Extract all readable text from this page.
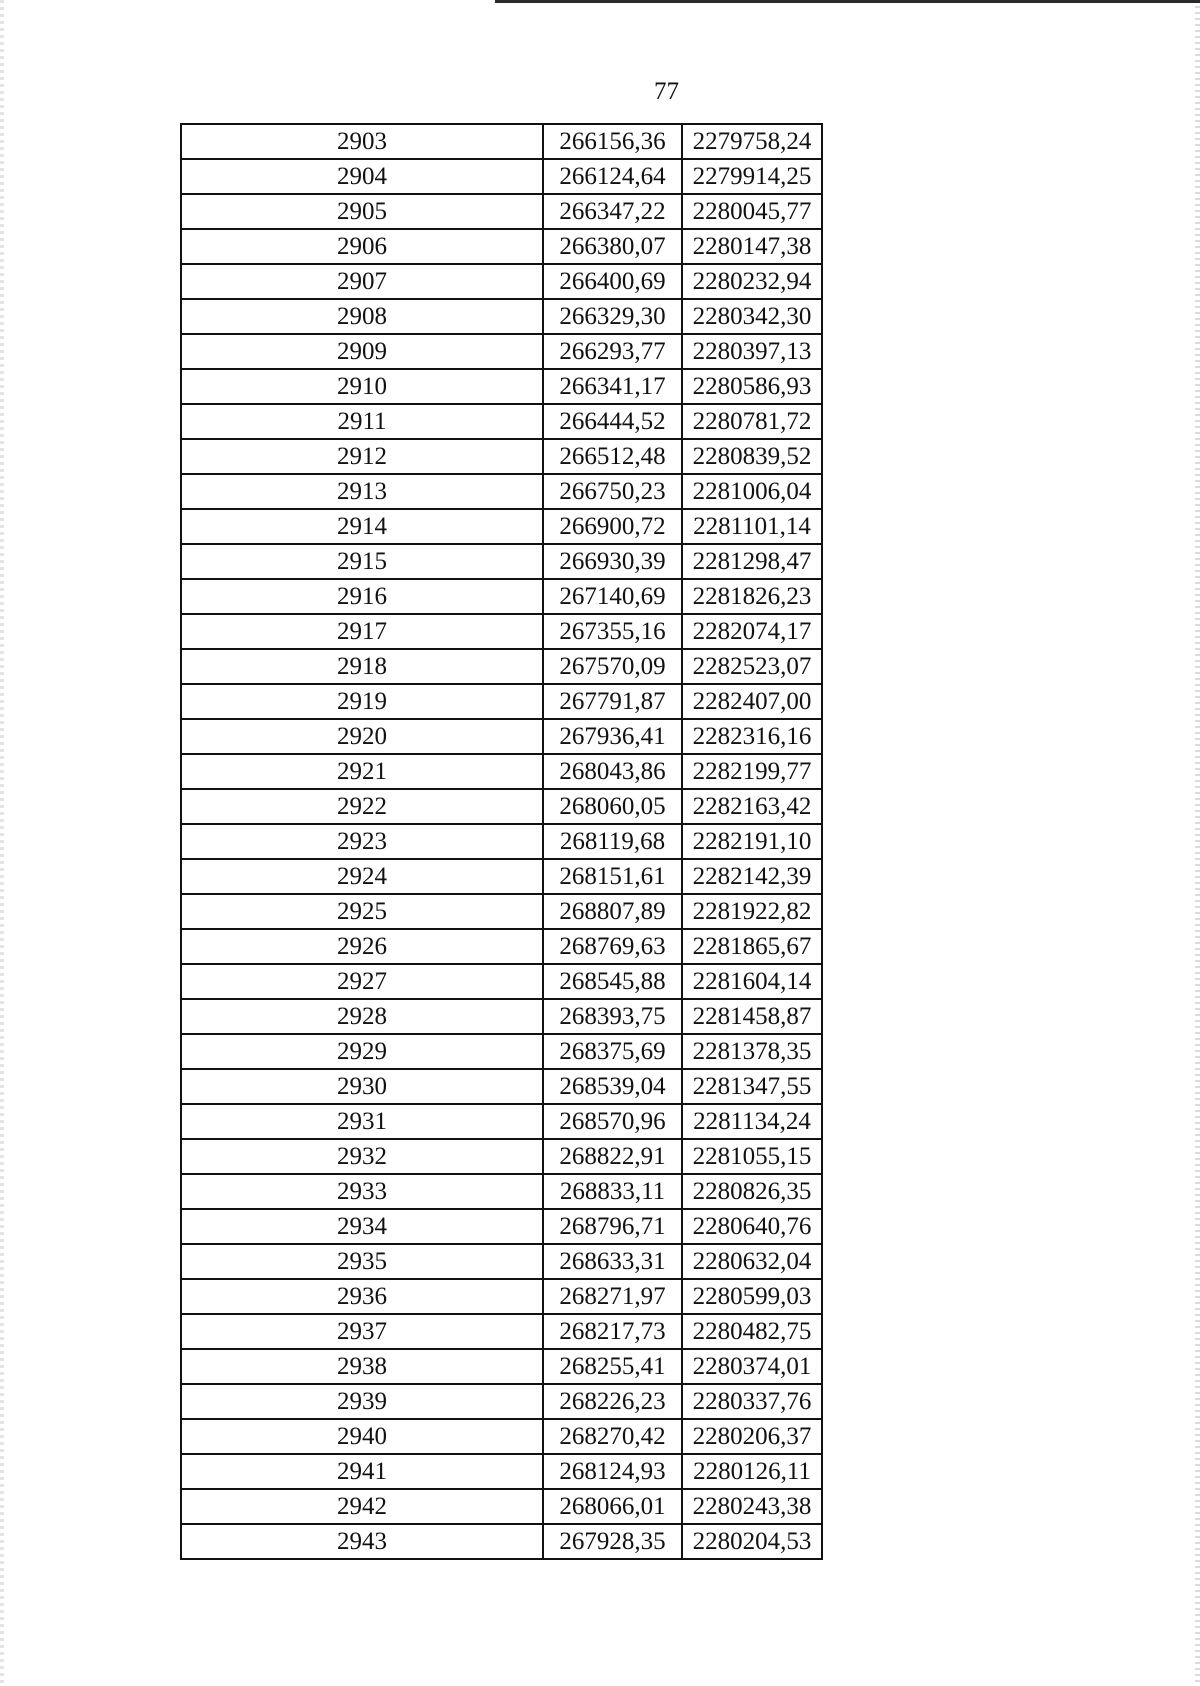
77
2903	266156,36	2279758,24
2904	266124,64	2279914,25
2905	266347,22	2280045,77
2906	266380,07	2280147,38
2907	266400,69	2280232,94
2908	266329,30	2280342,30
2909	266293,77	2280397,13
2910	266341,17	2280586,93
2911	266444,52	2280781,72
2912	266512,48	2280839,52
2913	266750,23	2281006,04
2914	266900,72	2281101,14
2915	266930,39	2281298,47
2916	267140,69	2281826,23
2917	267355,16	2282074,17
2918	267570,09	2282523,07
2919	267791,87	2282407,00
2920	267936,41	2282316,16
2921	268043,86	2282199,77
2922	268060,05	2282163,42
2923	268119,68	2282191,10
2924	268151,61	2282142,39
2925	268807,89	2281922,82
2926	268769,63	2281865,67
2927	268545,88	2281604,14
2928	268393,75	2281458,87
2929	268375,69	2281378,35
2930	268539,04	2281347,55
2931	268570,96	2281134,24
2932	268822,91	2281055,15
2933	268833,11	2280826,35
2934	268796,71	2280640,76
2935	268633,31	2280632,04
2936	268271,97	2280599,03
2937	268217,73	2280482,75
2938	268255,41	2280374,01
2939	268226,23	2280337,76
2940	268270,42	2280206,37
2941	268124,93	2280126,11
2942	268066,01	2280243,38
2943	267928,35	2280204,53
